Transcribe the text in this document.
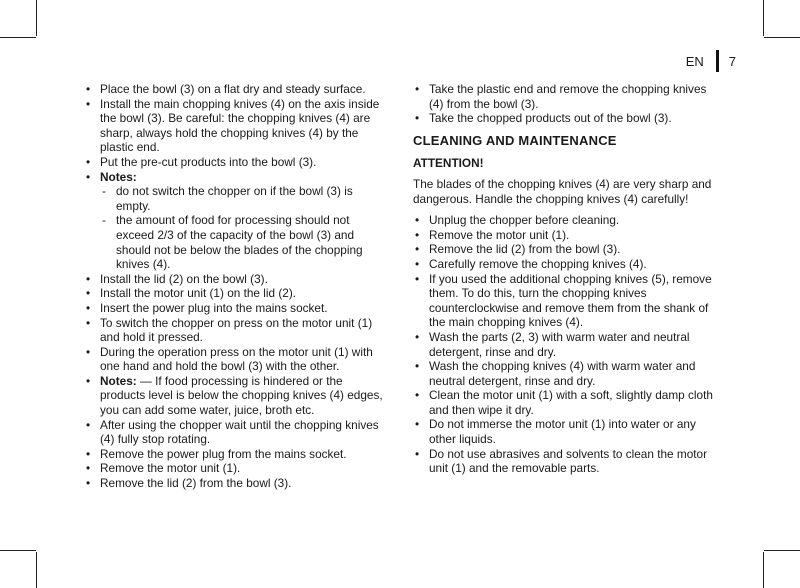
EN 7
• Place the bowl (3) on a flat dry and steady surface.
• Install the main chopping knives (4) on the axis inside the bowl (3). Be careful: the chopping knives (4) are sharp, always hold the chopping knives (4) by the plastic end.
• Put the pre-cut products into the bowl (3).
• Notes:
- do not switch the chopper on if the bowl (3) is empty.
- the amount of food for processing should not exceed 2/3 of the capacity of the bowl (3) and should not be below the blades of the chopping knives (4).
• Install the lid (2) on the bowl (3).
• Install the motor unit (1) on the lid (2).
• Insert the power plug into the mains socket.
• To switch the chopper on press on the motor unit (1) and hold it pressed.
• During the operation press on the motor unit (1) with one hand and hold the bowl (3) with the other.
• Notes: — If food processing is hindered or the products level is below the chopping knives (4) edges, you can add some water, juice, broth etc.
• After using the chopper wait until the chopping knives (4) fully stop rotating.
• Remove the power plug from the mains socket.
• Remove the motor unit (1).
• Remove the lid (2) from the bowl (3).
• Take the plastic end and remove the chopping knives (4) from the bowl (3).
• Take the chopped products out of the bowl (3).
CLEANING AND MAINTENANCE
ATTENTION!
The blades of the chopping knives (4) are very sharp and dangerous. Handle the chopping knives (4) carefully!
• Unplug the chopper before cleaning.
• Remove the motor unit (1).
• Remove the lid (2) from the bowl (3).
• Carefully remove the chopping knives (4).
• If you used the additional chopping knives (5), remove them. To do this, turn the chopping knives counterclockwise and remove them from the shank of the main chopping knives (4).
• Wash the parts (2, 3) with warm water and neutral detergent, rinse and dry.
• Wash the chopping knives (4) with warm water and neutral detergent, rinse and dry.
• Clean the motor unit (1) with a soft, slightly damp cloth and then wipe it dry.
• Do not immerse the motor unit (1) into water or any other liquids.
• Do not use abrasives and solvents to clean the motor unit (1) and the removable parts.
